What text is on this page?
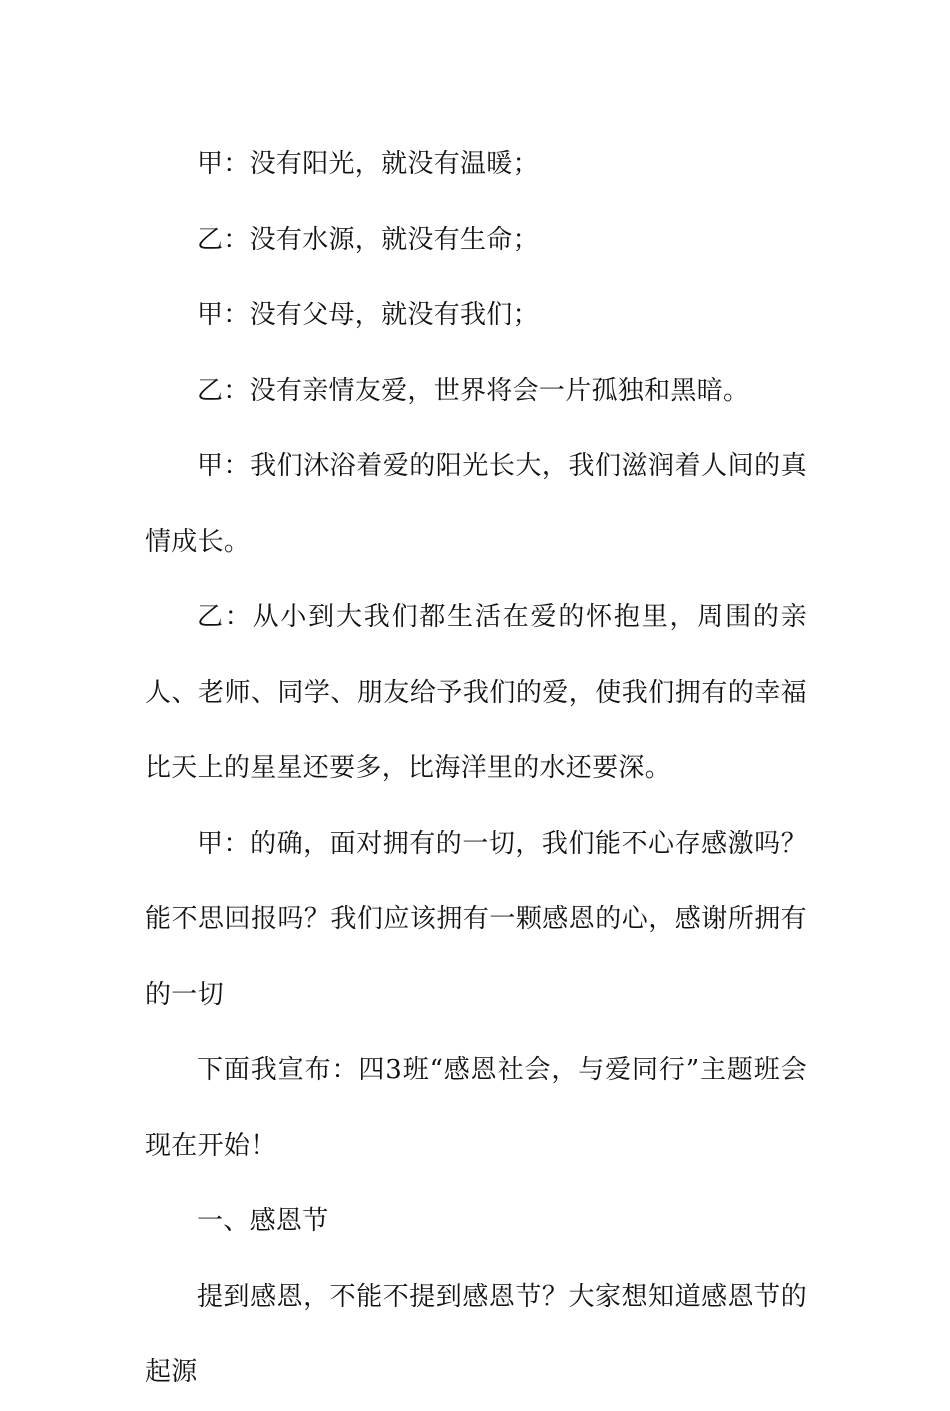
甲：没有阳光，就没有温暖；

乙：没有水源，就没有生命；

甲：没有父母，就没有我们；

乙：没有亲情友爱，世界将会一片孤独和黑暗。

甲：我们沐浴着爱的阳光长大，我们滋润着人间的真情成长。

乙：从小到大我们都生活在爱的怀抱里，周围的亲人、老师、同学、朋友给予我们的爱，使我们拥有的幸福比天上的星星还要多，比海洋里的水还要深。

甲：的确，面对拥有的一切，我们能不心存感激吗？能不思回报吗？我们应该拥有一颗感恩的心，感谢所拥有的一切

下面我宣布：四3班“感恩社会，与爱同行”主题班会现在开始！

一、感恩节

提到感恩，不能不提到感恩节？大家想知道感恩节的起源
